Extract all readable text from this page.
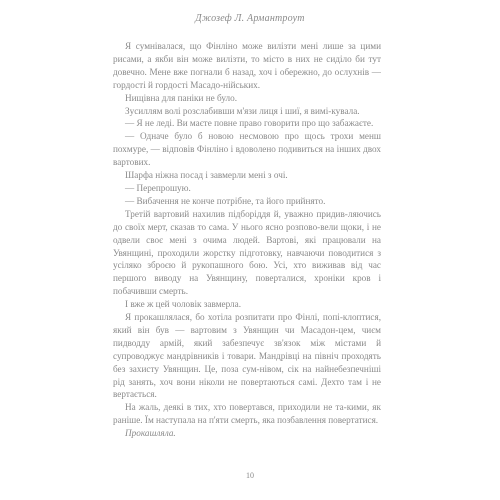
Джозеф Л. Армантроут

Я сумнівалася, що Фінліно може вилізти мені лише за цими рисами, а якби він може вилізти, то місто в них не сиділо би тут довечно. Мене вже погнали б назад, хоч і обережно, до ослухнів — гордості й гордості Масадо-нійських.

Нищівна для паніки не було.

Зусиллям волі розслабивши м'язи лиця і шиї, я вимі-кувала.

— Я не леді. Ви маєте повне право говорити про що забажаєте.

— Одначе було б новою несмовою про щось трохи менш похмуре, — відповів Фінліно і вдоволено подивиться на інших двох вартових.

Шарфа ніжна посад і завмерли мені з очі.

— Перепрошую.

— Вибачення не конче потрібне, та його прийнято.

Третій вартовий нахилив підборіддя й, уважно придив-ляючись до своїх мерт, сказав то сама. У нього ясно розпово-вели щоки, і не одвели своє мені з очима людей. Вартові, які працювали на Увянщині, проходили жорстку підготовку, навчаючи поводитися з усіляко зброєю й рукопашного бою. Усі, хто виживав від час першого виводу на Увянщину, поверталися, хроніки кров і побачивши смерть.

І вже ж цей чоловік завмерла.

Я прокашлялася, бо хотіла розпитати про Фінлі, попі-клоптися, який він був — вартовим з Увянщин чи Масадон-цем, чиєм пидводду армій, який забезпечує зв'язок між містами й супроводжує мандрівників і товари. Мандрівці на північ проходять без захисту Увянщин. Це, поза сум-нівом, сік на найнебезпечніші рід занять, хоч вони ніколи не повертаються самі. Дехто там і не вертається.

На жаль, деякі в тих, хто повертався, приходили не та-кими, як раніше. Їм наступала на п'яти смерть, яка позбавлення повертатися.

Прокашляла.

10
